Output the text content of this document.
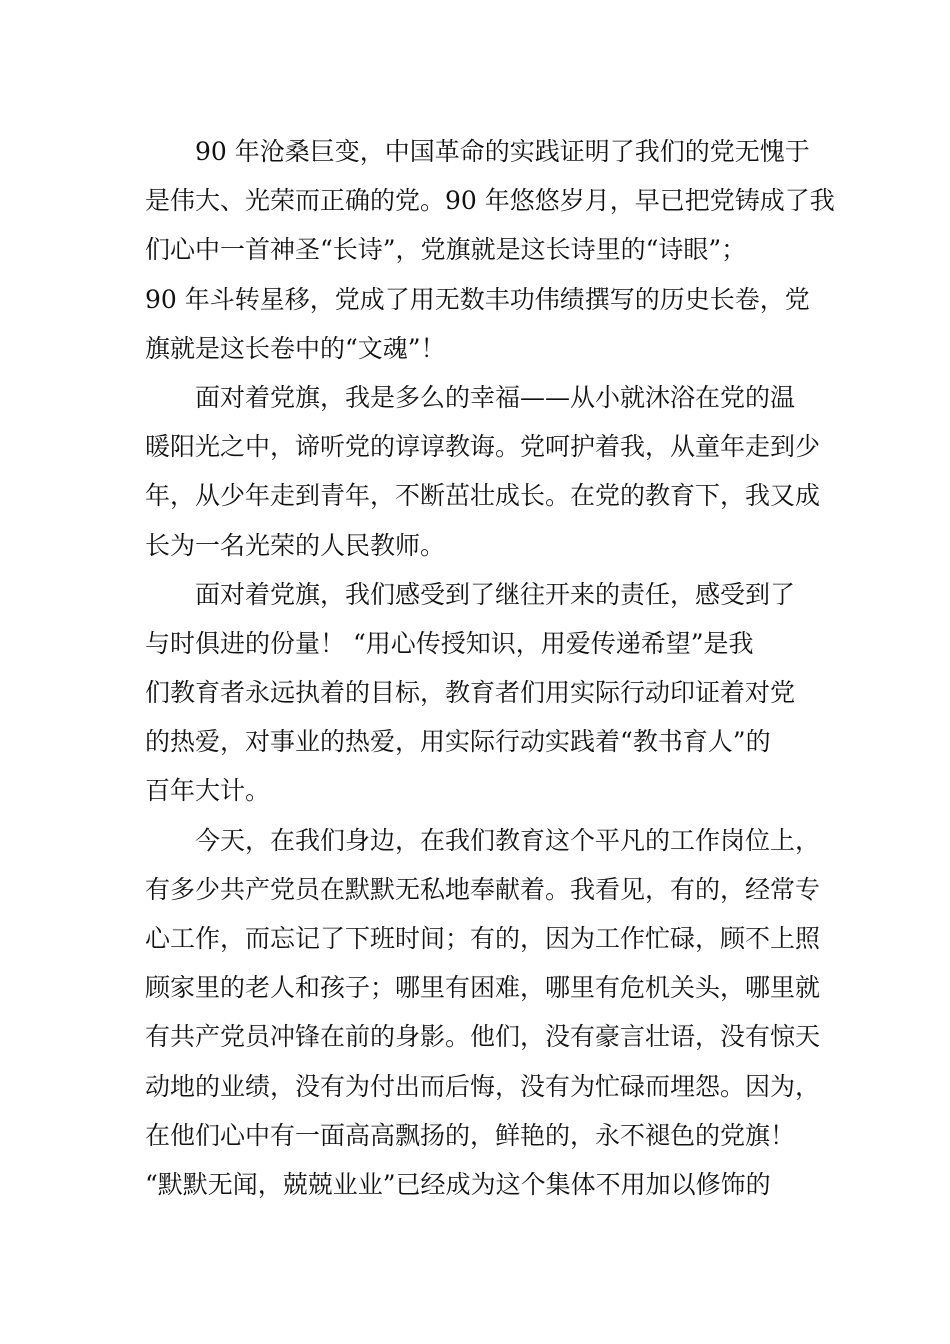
90 年沧桑巨变，中国革命的实践证明了我们的党无愧于
是伟大、光荣而正确的党。90 年悠悠岁月，早已把党铸成了我
们心中一首神圣“长诗”，党旗就是这长诗里的“诗眼”；
90 年斗转星移，党成了用无数丰功伟绩撰写的历史长卷，党
旗就是这长卷中的“文魂”！
面对着党旗，我是多么的幸福——从小就沐浴在党的温
暖阳光之中，谛听党的谆谆教诲。党呵护着我，从童年走到少
年，从少年走到青年，不断茁壮成长。在党的教育下，我又成
长为一名光荣的人民教师。
面对着党旗，我们感受到了继往开来的责任，感受到了
与时俱进的份量！ “用心传授知识，用爱传递希望”是我
们教育者永远执着的目标，教育者们用实际行动印证着对党
的热爱，对事业的热爱，用实际行动实践着“教书育人”的
百年大计。
今天，在我们身边，在我们教育这个平凡的工作岗位上，
有多少共产党员在默默无私地奉献着。我看见，有的，经常专
心工作，而忘记了下班时间；有的，因为工作忙碌，顾不上照
顾家里的老人和孩子；哪里有困难，哪里有危机关头，哪里就
有共产党员冲锋在前的身影。他们，没有豪言壮语，没有惊天
动地的业绩，没有为付出而后悔，没有为忙碌而埋怨。因为，
在他们心中有一面高高飘扬的，鲜艳的，永不褪色的党旗！
“默默无闻，兢兢业业”已经成为这个集体不用加以修饰的
